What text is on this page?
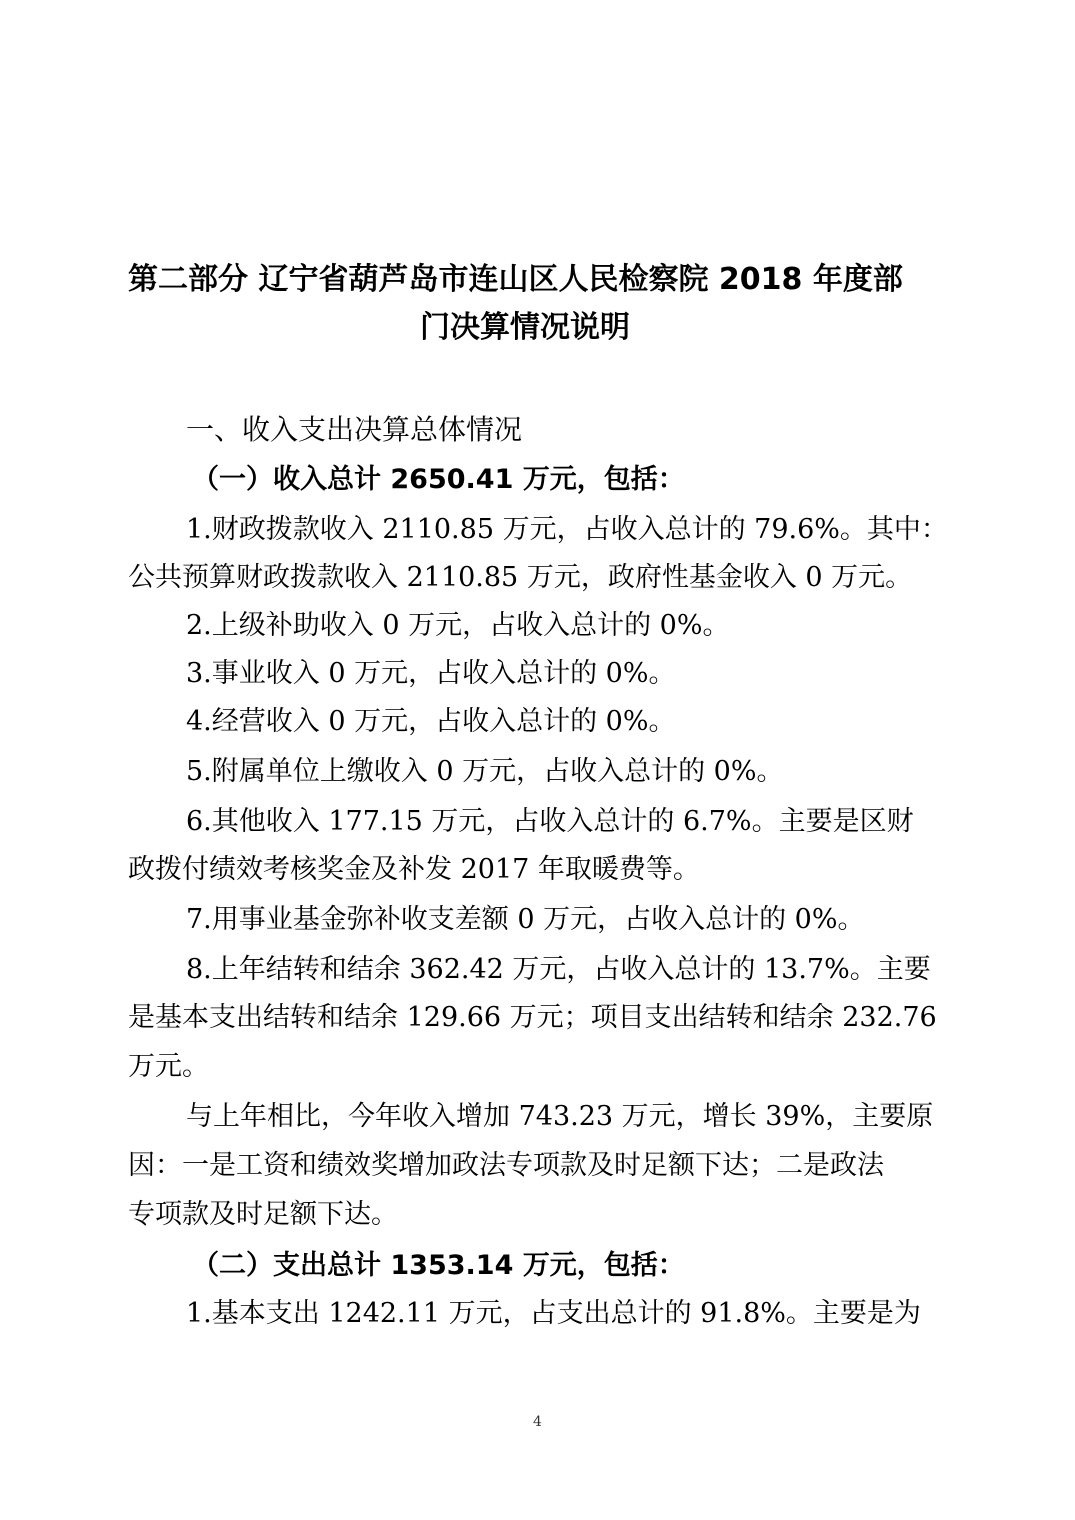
第二部分 辽宁省葫芦岛市连山区人民检察院 2018 年度部
门决算情况说明
一、收入支出决算总体情况
（一）收入总计 2650.41 万元，包括：
1.财政拨款收入 2110.85 万元，占收入总计的 79.6%。其中：
公共预算财政拨款收入 2110.85 万元，政府性基金收入 0 万元。
2.上级补助收入 0 万元，占收入总计的 0%。
3.事业收入 0 万元，占收入总计的 0%。
4.经营收入 0 万元，占收入总计的 0%。
5.附属单位上缴收入 0 万元，占收入总计的 0%。
6.其他收入 177.15 万元，占收入总计的 6.7%。主要是区财
政拨付绩效考核奖金及补发 2017 年取暖费等。
7.用事业基金弥补收支差额 0 万元，占收入总计的 0%。
8.上年结转和结余 362.42 万元，占收入总计的 13.7%。主要
是基本支出结转和结余 129.66 万元；项目支出结转和结余 232.76
万元。
与上年相比，今年收入增加 743.23 万元，增长 39%，主要原
因：一是工资和绩效奖增加政法专项款及时足额下达；二是政法
专项款及时足额下达。
（二）支出总计 1353.14 万元，包括：
1.基本支出 1242.11 万元，占支出总计的 91.8%。主要是为
4
